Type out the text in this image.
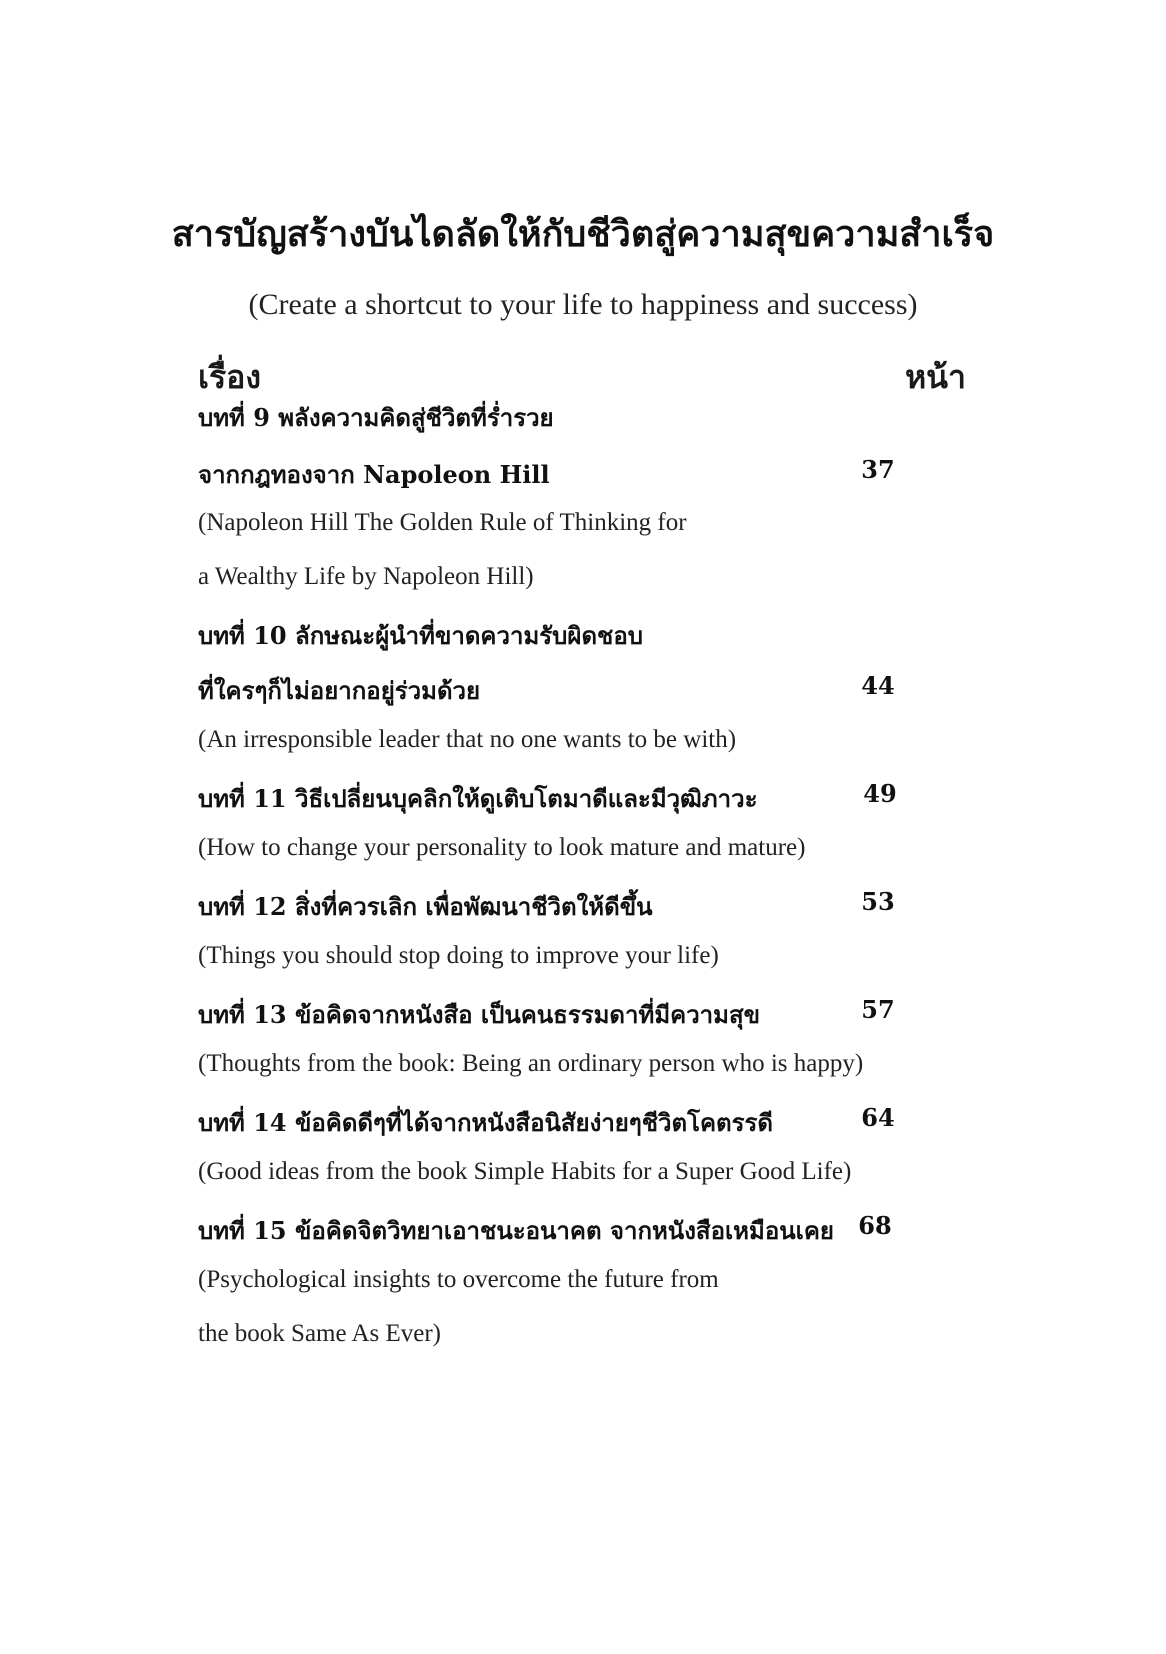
สารบัญสร้างบันไดลัดให้กับชีวิตสู่ความสุขความสำเร็จ
(Create a shortcut to your life to happiness and success)
เรื่อง	หน้า
บทที่ 9 พลังความคิดสู่ชีวิตที่ร่ำรวย
จากกฎทองจาก Napoleon Hill	37
(Napoleon Hill The Golden Rule of Thinking for
a Wealthy Life by Napoleon Hill)
บทที่ 10 ลักษณะผู้นำที่ขาดความรับผิดชอบ
ที่ใครๆก็ไม่อยากอยู่ร่วมด้วย	44
(An irresponsible leader that no one wants to be with)
บทที่ 11 วิธีเปลี่ยนบุคลิกให้ดูเติบโตมาดีและมีวุฒิภาวะ	49
(How to change your personality to look mature and mature)
บทที่ 12 สิ่งที่ควรเลิก เพื่อพัฒนาชีวิตให้ดีขึ้น	53
(Things you should stop doing to improve your life)
บทที่ 13 ข้อคิดจากหนังสือ เป็นคนธรรมดาที่มีความสุข	57
(Thoughts from the book: Being an ordinary person who is happy)
บทที่ 14 ข้อคิดดีๆที่ได้จากหนังสือนิสัยง่ายๆชีวิตโคตรรดี	64
(Good ideas from the book Simple Habits for a Super Good Life)
บทที่ 15 ข้อคิดจิตวิทยาเอาชนะอนาคต จากหนังสือเหมือนเคย	68
(Psychological insights to overcome the future from
the book Same As Ever)
